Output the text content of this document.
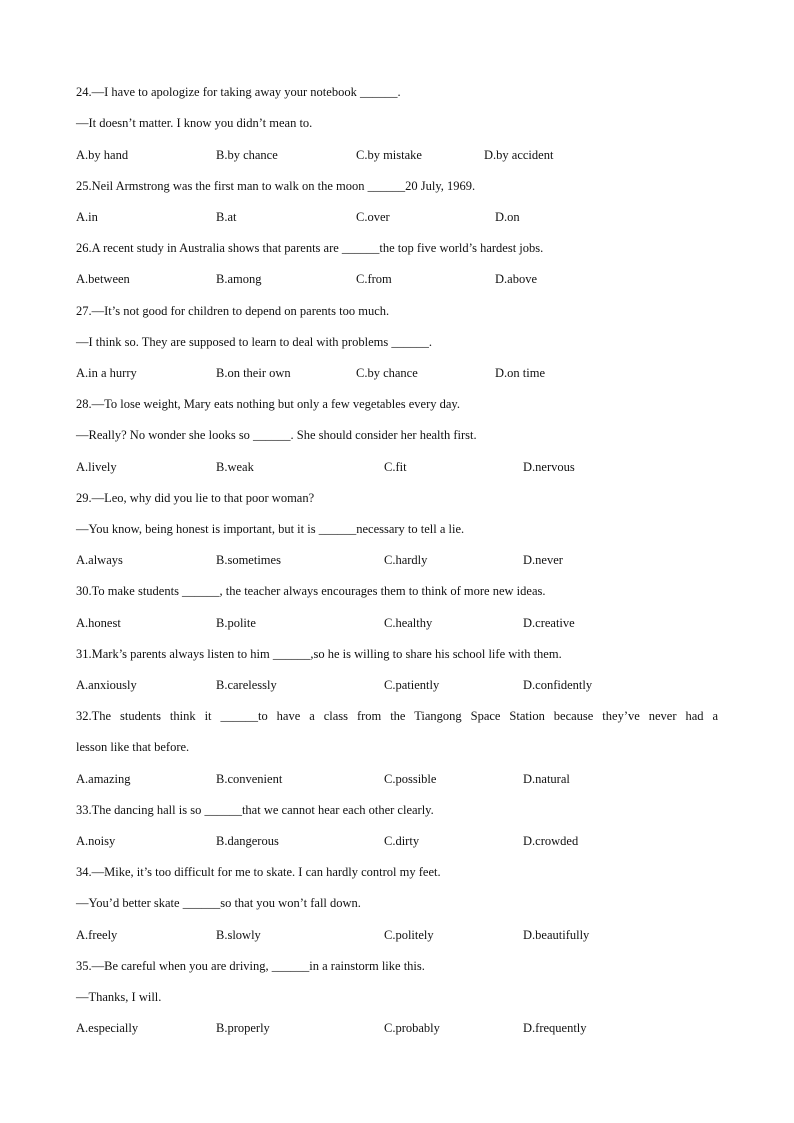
24.—I have to apologize for taking away your notebook ______.
—It doesn’t matter. I know you didn’t mean to.
A.by hand	B.by chance	C.by mistake	D.by accident
25.Neil Armstrong was the first man to walk on the moon ______20 July, 1969.
A.in	B.at	C.over	D.on
26.A recent study in Australia shows that parents are ______the top five world’s hardest jobs.
A.between	B.among	C.from	D.above
27.—It’s not good for children to depend on parents too much.
—I think so. They are supposed to learn to deal with problems ______.
A.in a hurry	B.on their own	C.by chance	D.on time
28.—To lose weight, Mary eats nothing but only a few vegetables every day.
—Really? No wonder she looks so ______. She should consider her health first.
A.lively	B.weak	C.fit	D.nervous
29.—Leo, why did you lie to that poor woman?
—You know, being honest is important, but it is ______necessary to tell a lie.
A.always	B.sometimes	C.hardly	D.never
30.To make students ______, the teacher always encourages them to think of more new ideas.
A.honest	B.polite	C.healthy	D.creative
31.Mark’s parents always listen to him ______,so he is willing to share his school life with them.
A.anxiously	B.carelessly	C.patiently	D.confidently
32.The students think it ______to have a class from the Tiangong Space Station because they’ve never had a
lesson like that before.
A.amazing	B.convenient	C.possible	D.natural
33.The dancing hall is so ______that we cannot hear each other clearly.
A.noisy	B.dangerous	C.dirty	D.crowded
34.—Mike, it’s too difficult for me to skate. I can hardly control my feet.
—You’d better skate ______so that you won’t fall down.
A.freely	B.slowly	C.politely	D.beautifully
35.—Be careful when you are driving, ______in a rainstorm like this.
—Thanks, I will.
A.especially	B.properly	C.probably	D.frequently
